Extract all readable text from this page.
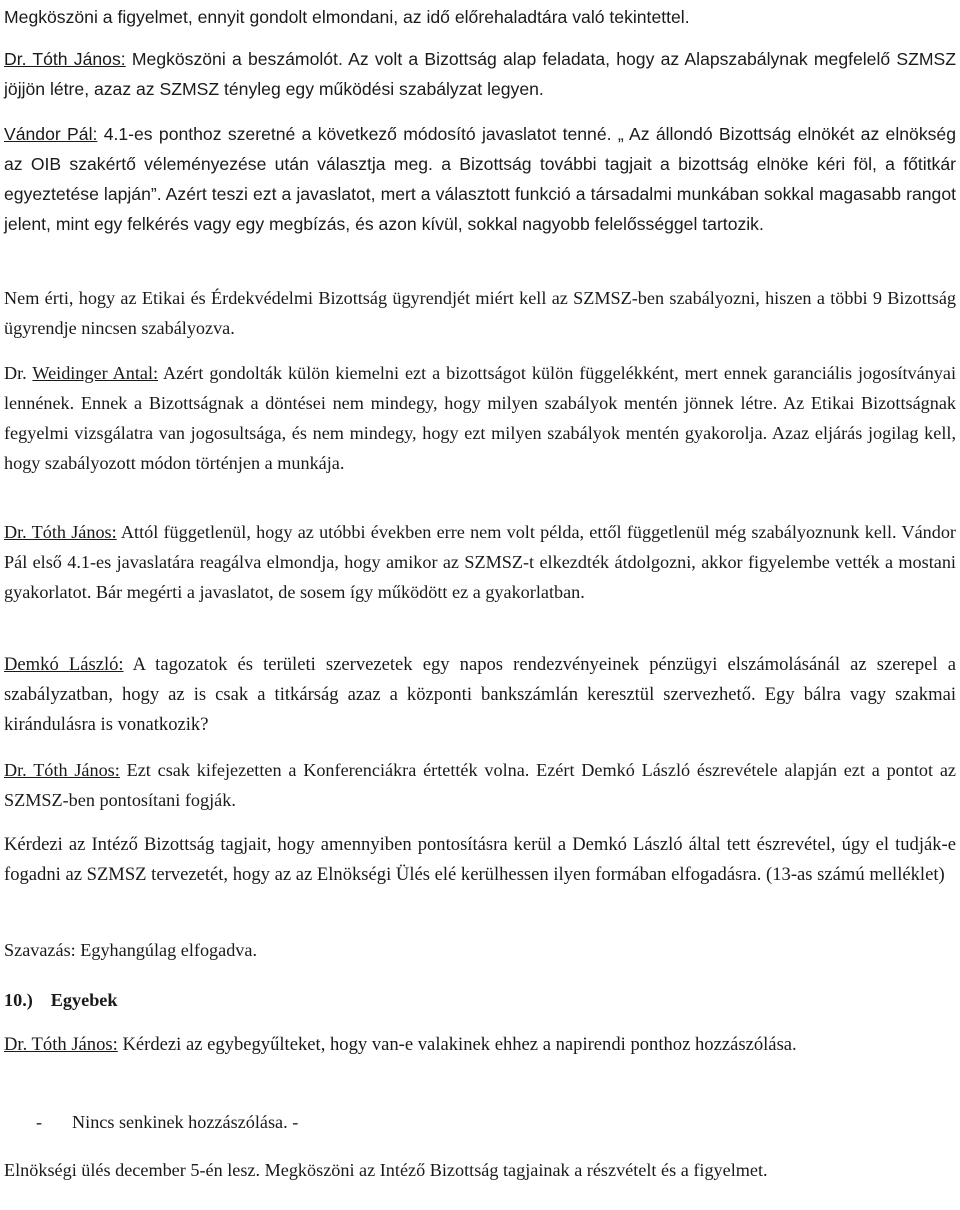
Megköszöni a figyelmet, ennyit gondolt elmondani, az idő előrehaladtára való tekintettel.

Dr. Tóth János: Megköszöni a beszámolót. Az volt a Bizottság alap feladata, hogy az Alapszabálynak megfelelő SZMSZ jöjjön létre, azaz az SZMSZ tényleg egy működési szabályzat legyen.

Vándor Pál: 4.1-es ponthoz szeretné a következő módosító javaslatot tenné. „ Az állondó Bizottság elnökét az elnökség az OIB szakértő véleményezése után választja meg. a Bizottság további tagjait a bizottság elnöke kéri föl, a főtitkár egyeztetése lapján”. Azért teszi ezt a javaslatot, mert a választott funkció a társadalmi munkában sokkal magasabb rangot jelent, mint egy felkérés vagy egy megbízás, és azon kívül, sokkal nagyobb felelősséggel tartozik.

Nem érti, hogy az Etikai és Érdekvédelmi Bizottság ügyrendjét miért kell az SZMSZ-ben szabályozni, hiszen a többi 9 Bizottság ügyrendje nincsen szabályozva.

Dr. Weidinger Antal: Azért gondolták külön kiemelni ezt a bizottságot külön függelékként, mert ennek garanciális jogosítványai lennének. Ennek a Bizottságnak a döntései nem mindegy, hogy milyen szabályok mentén jönnek létre. Az Etikai Bizottságnak fegyelmi vizsgálatra van jogosultsága, és nem mindegy, hogy ezt milyen szabályok mentén gyakorolja. Azaz eljárás jogilag kell, hogy szabályozott módon történjen a munkája.

Dr. Tóth János: Attól függetlenül, hogy az utóbbi években erre nem volt példa, ettől függetlenül még szabályoznunk kell. Vándor Pál első 4.1-es javaslatára reagálva elmondja, hogy amikor az SZMSZ-t elkezdték átdolgozni, akkor figyelembe vették a mostani gyakorlatot. Bár megérti a javaslatot, de sosem így működött ez a gyakorlatban.

Demkó László: A tagozatok és területi szervezetek egy napos rendezvényeinek pénzügyi elszámolásánál az szerepel a szabályzatban, hogy az is csak a titkárság azaz a központi bankszámlán keresztül szervezhető. Egy bálra vagy szakmai kirándulásra is vonatkozik?

Dr. Tóth János: Ezt csak kifejezetten a Konferenciákra értették volna. Ezért Demkó László észrevétele alapján ezt a pontot az SZMSZ-ben pontosítani fogják.

Kérdezi az Intéző Bizottság tagjait, hogy amennyiben pontosításra kerül a Demkó László által tett észrevétel, úgy el tudják-e fogadni az SZMSZ tervezetét, hogy az az Elnökségi Ülés elé kerülhessen ilyen formában elfogadásra. (13-as számú melléklet)

Szavazás: Egyhangúlag elfogadva.

10.) Egyebek

Dr. Tóth János: Kérdezi az egybegyűlteket, hogy van-e valakinek ehhez a napirendi ponthoz hozzászólása.

- Nincs senkinek hozzászólása. -

Elnökségi ülés december 5-én lesz. Megköszöni az Intéző Bizottság tagjainak a részvételt és a figyelmet.
